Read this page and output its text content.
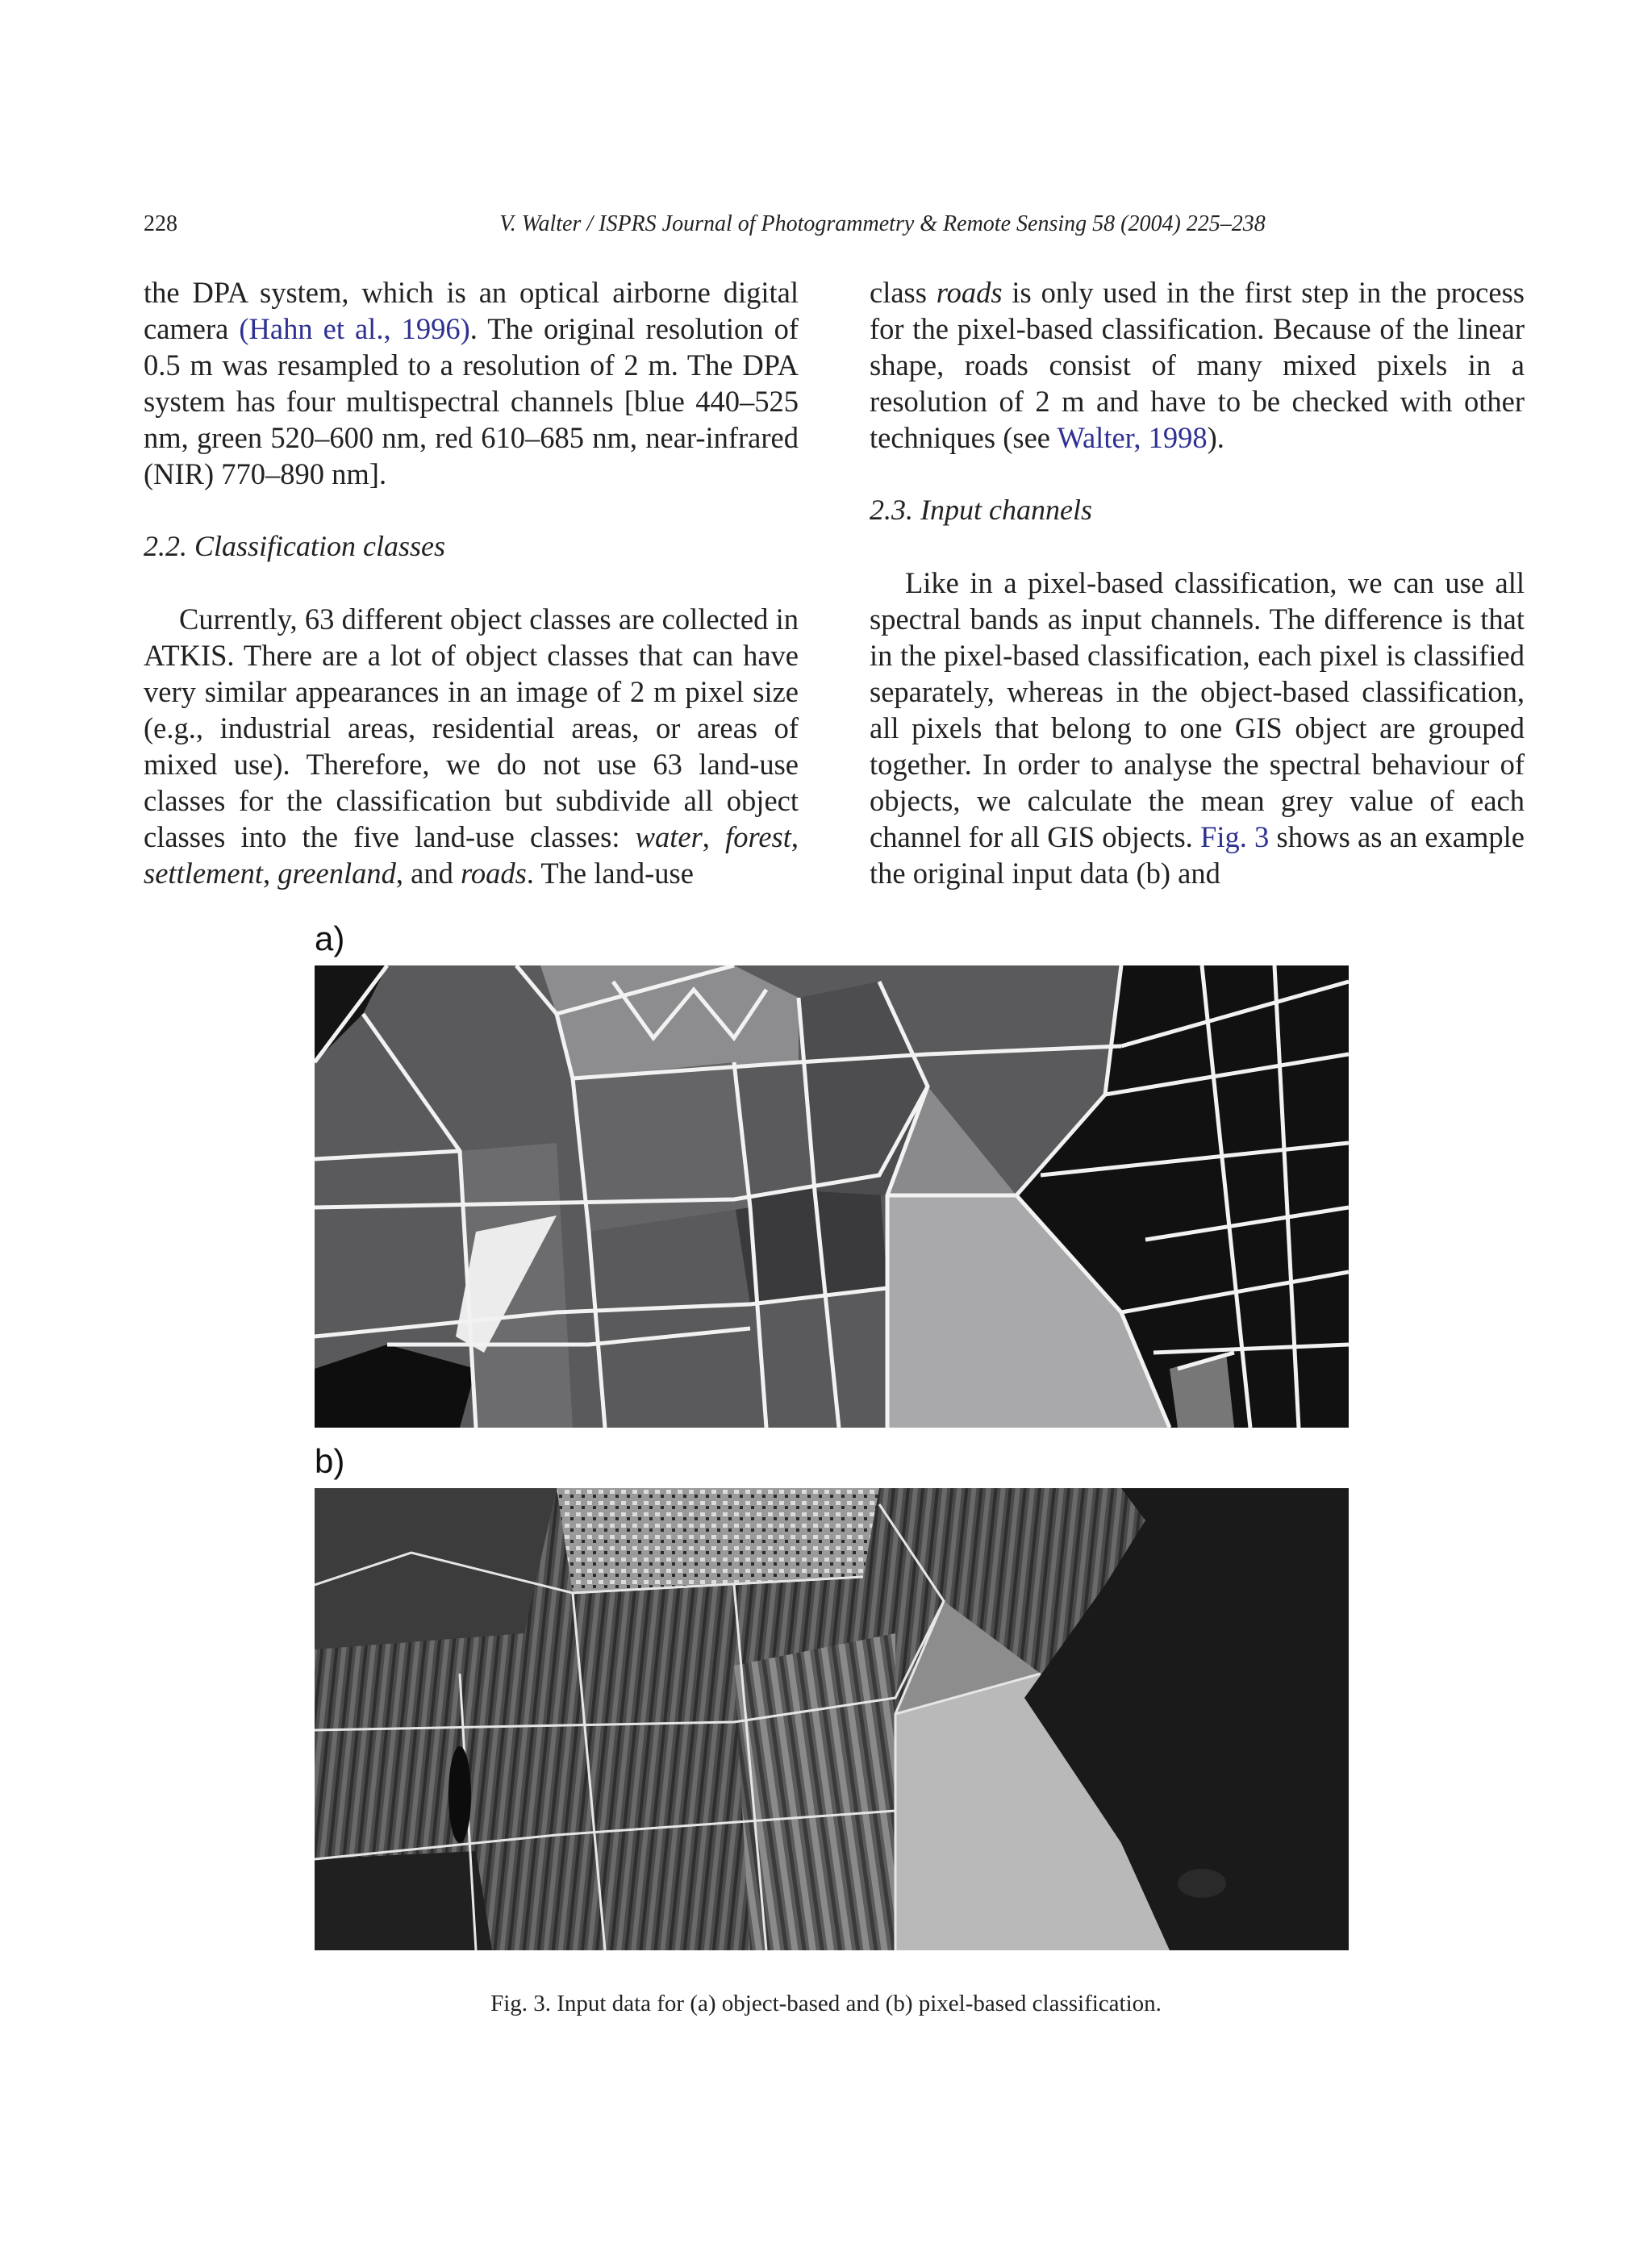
228	V. Walter / ISPRS Journal of Photogrammetry & Remote Sensing 58 (2004) 225–238

the DPA system, which is an optical airborne digital camera (Hahn et al., 1996). The original resolution of 0.5 m was resampled to a resolution of 2 m. The DPA system has four multispectral channels [blue 440–525 nm, green 520–600 nm, red 610–685 nm, near-infrared (NIR) 770–890 nm].

2.2. Classification classes

Currently, 63 different object classes are collected in ATKIS. There are a lot of object classes that can have very similar appearances in an image of 2 m pixel size (e.g., industrial areas, residential areas, or areas of mixed use). Therefore, we do not use 63 land-use classes for the classification but subdivide all object classes into the five land-use classes: water, forest, settlement, greenland, and roads. The land-use

class roads is only used in the first step in the process for the pixel-based classification. Because of the linear shape, roads consist of many mixed pixels in a resolution of 2 m and have to be checked with other techniques (see Walter, 1998).

2.3. Input channels

Like in a pixel-based classification, we can use all spectral bands as input channels. The difference is that in the pixel-based classification, each pixel is classified separately, whereas in the object-based classification, all pixels that belong to one GIS object are grouped together. In order to analyse the spectral behaviour of objects, we calculate the mean grey value of each channel for all GIS objects. Fig. 3 shows as an example the original input data (b) and

a)
b)
Fig. 3. Input data for (a) object-based and (b) pixel-based classification.
